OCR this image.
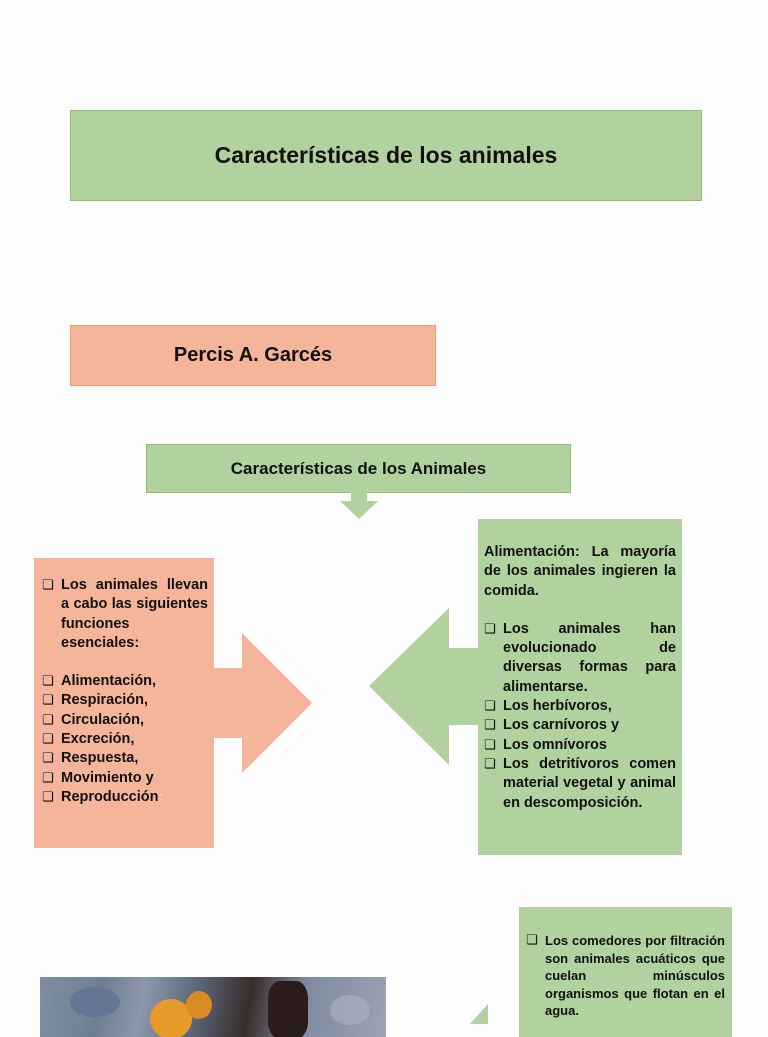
Características de los animales
Percis A. Garcés
Características de los Animales
❏ Los animales llevan a cabo las siguientes funciones esenciales:
❏ Alimentación,
❏ Respiración,
❏ Circulación,
❏ Excreción,
❏ Respuesta,
❏ Movimiento y
❏ Reproducción:

Alimentación: La mayoría de los animales ingieren la comida.

❏ Los animales han evolucionado de diversas formas para alimentarse.
❏ Los herbívoros,
❏ Los carnívoros y
❏ Los omnívoros
❏ Los detritívoros comen material vegetal y animal en descomposición.
❏ Los comedores por filtración son animales acuáticos que cuelan minúsculos organismos que flotan en el agua.
